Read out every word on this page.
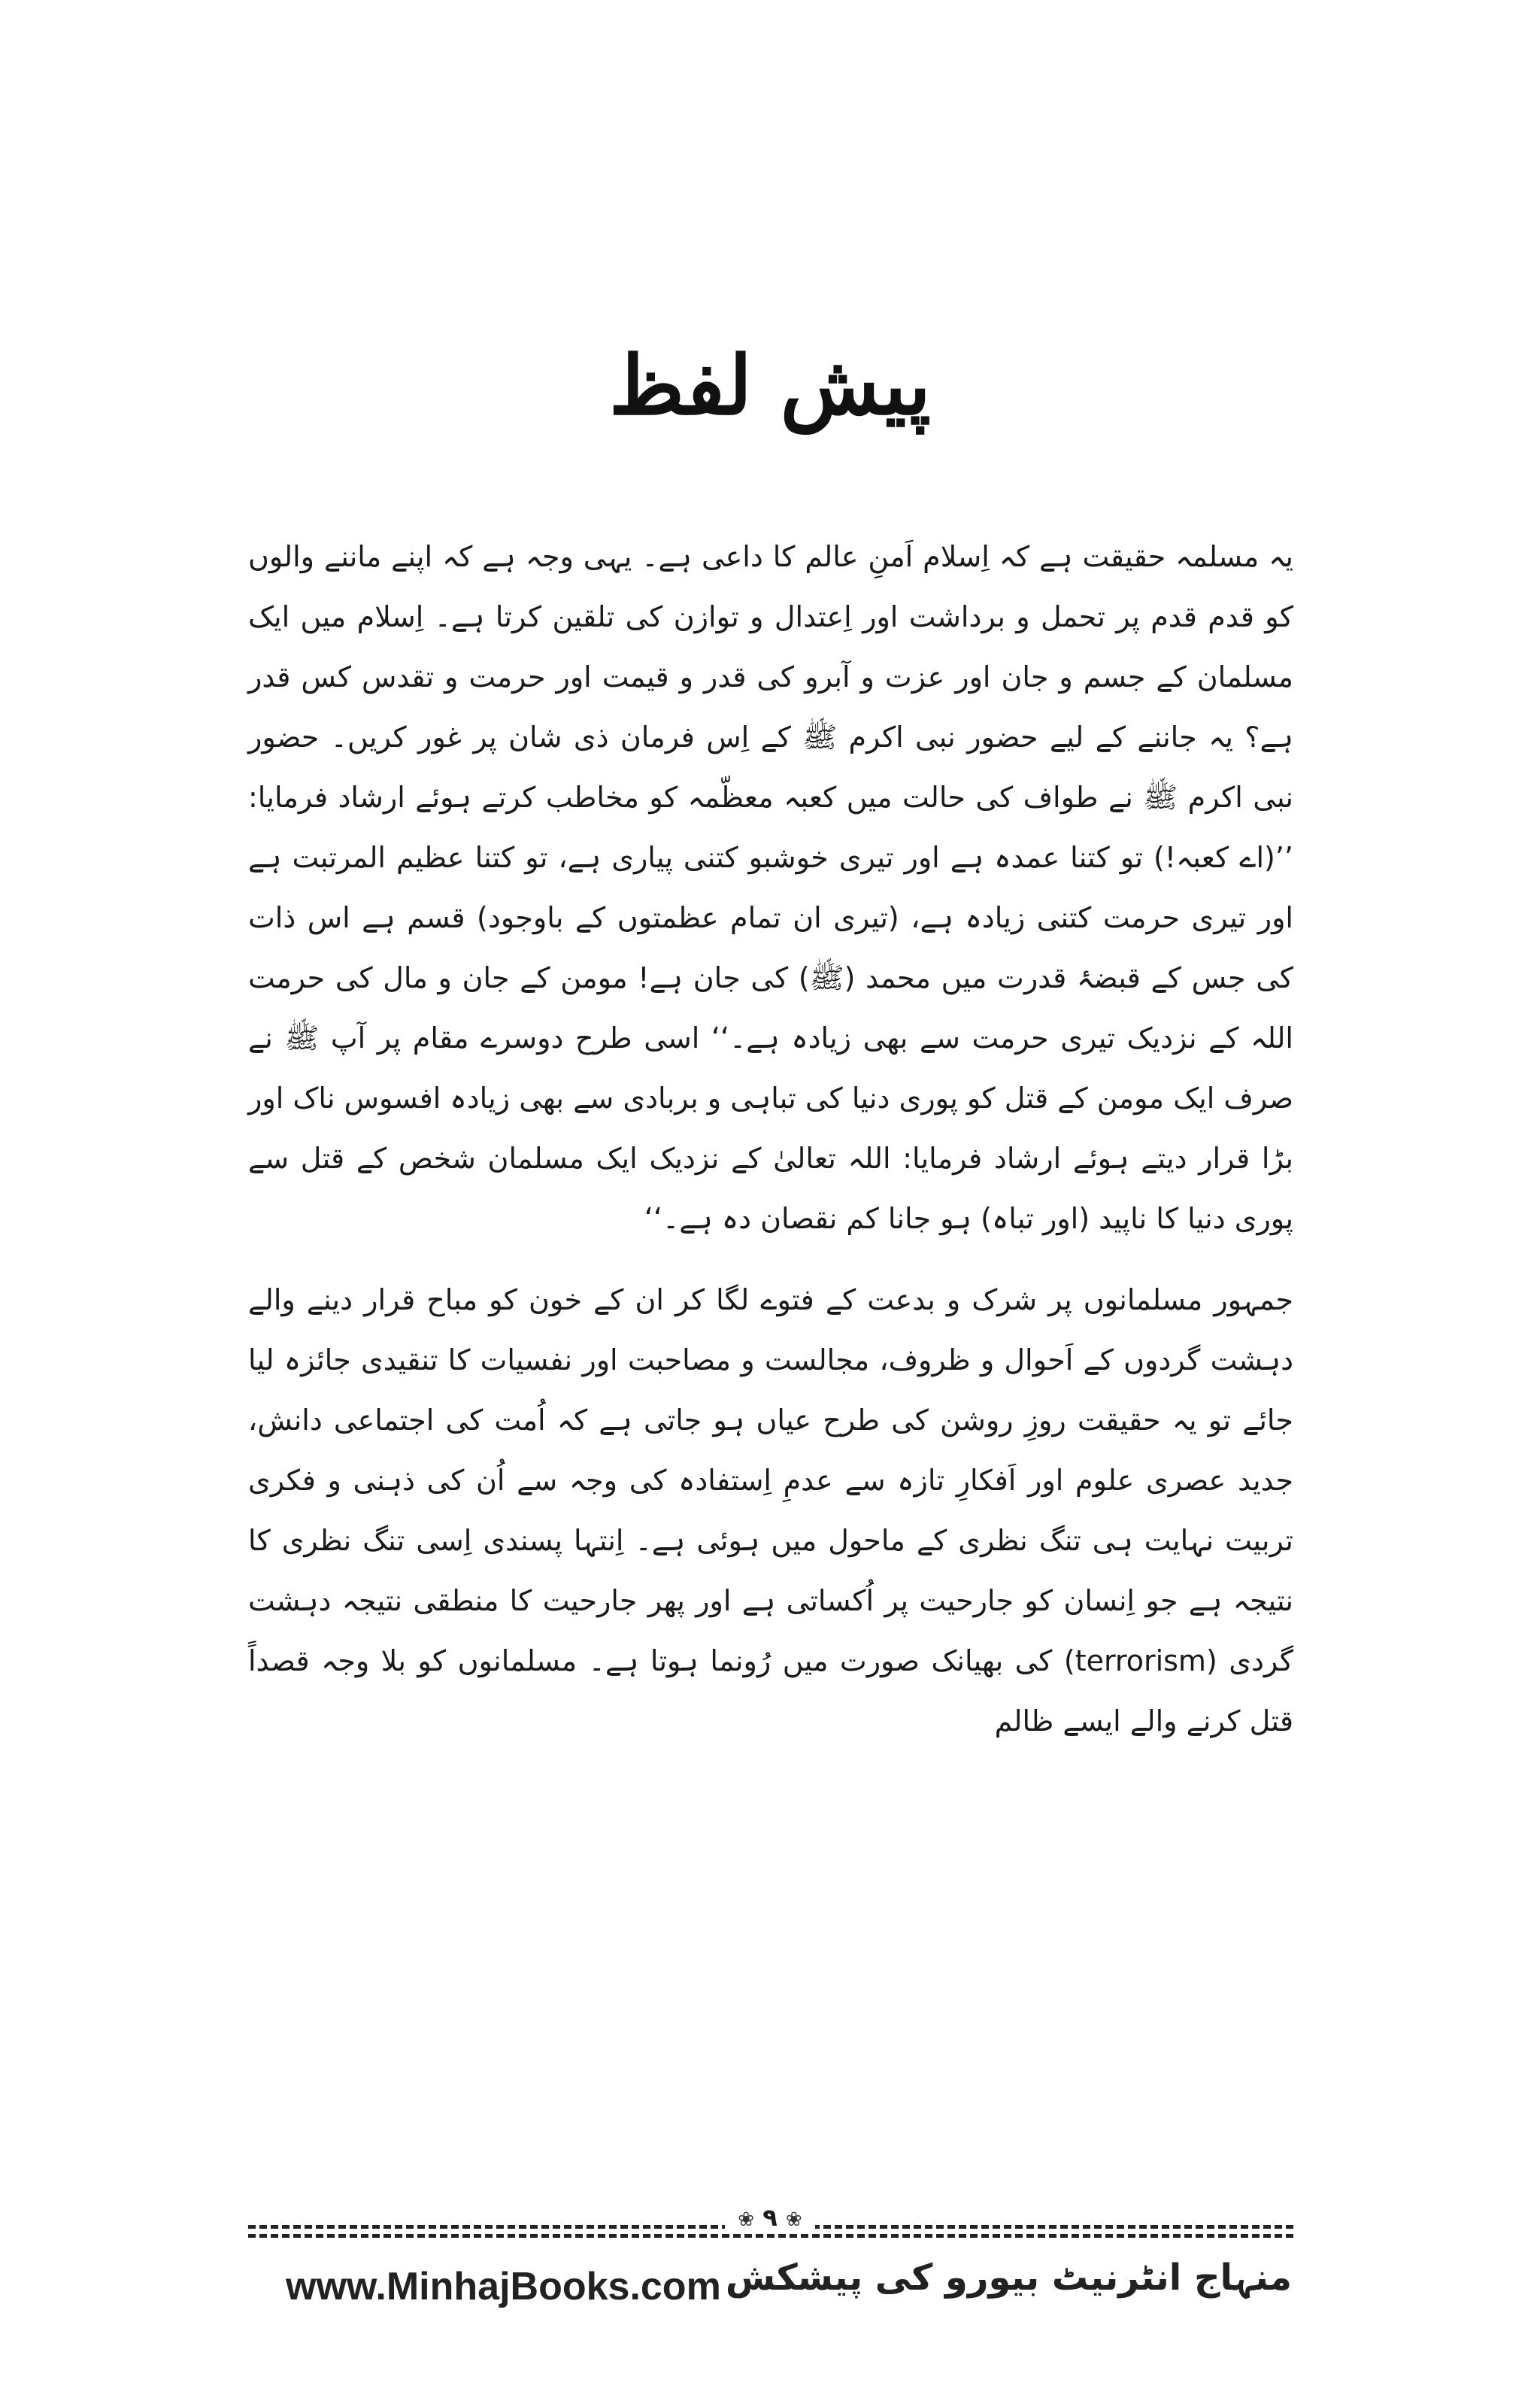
پیش لفظ

یہ مسلمہ حقیقت ہے کہ اِسلام اَمنِ عالم کا داعی ہے۔ یہی وجہ ہے کہ اپنے ماننے والوں کو قدم قدم پر تحمل و برداشت اور اِعتدال و توازن کی تلقین کرتا ہے۔ اِسلام میں ایک مسلمان کے جسم و جان اور عزت و آبرو کی قدر و قیمت اور حرمت و تقدس کس قدر ہے؟ یہ جاننے کے لیے حضور نبی اکرم ﷺ کے اِس فرمان ذی شان پر غور کریں۔ حضور نبی اکرم ﷺ نے طواف کی حالت میں کعبہ معظّمہ کو مخاطب کرتے ہوئے ارشاد فرمایا: ’’(اے کعبہ!) تو کتنا عمدہ ہے اور تیری خوشبو کتنی پیاری ہے، تو کتنا عظیم المرتبت ہے اور تیری حرمت کتنی زیادہ ہے، (تیری ان تمام عظمتوں کے باوجود) قسم ہے اس ذات کی جس کے قبضۂ قدرت میں محمد (ﷺ) کی جان ہے! مومن کے جان و مال کی حرمت اللہ کے نزدیک تیری حرمت سے بھی زیادہ ہے۔‘‘ اسی طرح دوسرے مقام پر آپ ﷺ نے صرف ایک مومن کے قتل کو پوری دنیا کی تباہی و بربادی سے بھی زیادہ افسوس ناک اور بڑا قرار دیتے ہوئے ارشاد فرمایا: اللہ تعالیٰ کے نزدیک ایک مسلمان شخص کے قتل سے پوری دنیا کا ناپید (اور تباہ) ہو جانا کم نقصان دہ ہے۔‘‘

جمہور مسلمانوں پر شرک و بدعت کے فتوے لگا کر ان کے خون کو مباح قرار دینے والے دہشت گردوں کے اَحوال و ظروف، مجالست و مصاحبت اور نفسیات کا تنقیدی جائزہ لیا جائے تو یہ حقیقت روزِ روشن کی طرح عیاں ہو جاتی ہے کہ اُمت کی اجتماعی دانش، جدید عصری علوم اور اَفکارِ تازہ سے عدمِ اِستفادہ کی وجہ سے اُن کی ذہنی و فکری تربیت نہایت ہی تنگ نظری کے ماحول میں ہوئی ہے۔ اِنتہا پسندی اِسی تنگ نظری کا نتیجہ ہے جو اِنسان کو جارحیت پر اُکساتی ہے اور پھر جارحیت کا منطقی نتیجہ دہشت گردی (terrorism) کی بھیانک صورت میں رُونما ہوتا ہے۔ مسلمانوں کو بلا وجہ قصداً قتل کرنے والے ایسے ظالم

❀ ۹ ❀
www.MinhajBooks.com منہاج انٹرنیٹ بیورو کی پیشکش
